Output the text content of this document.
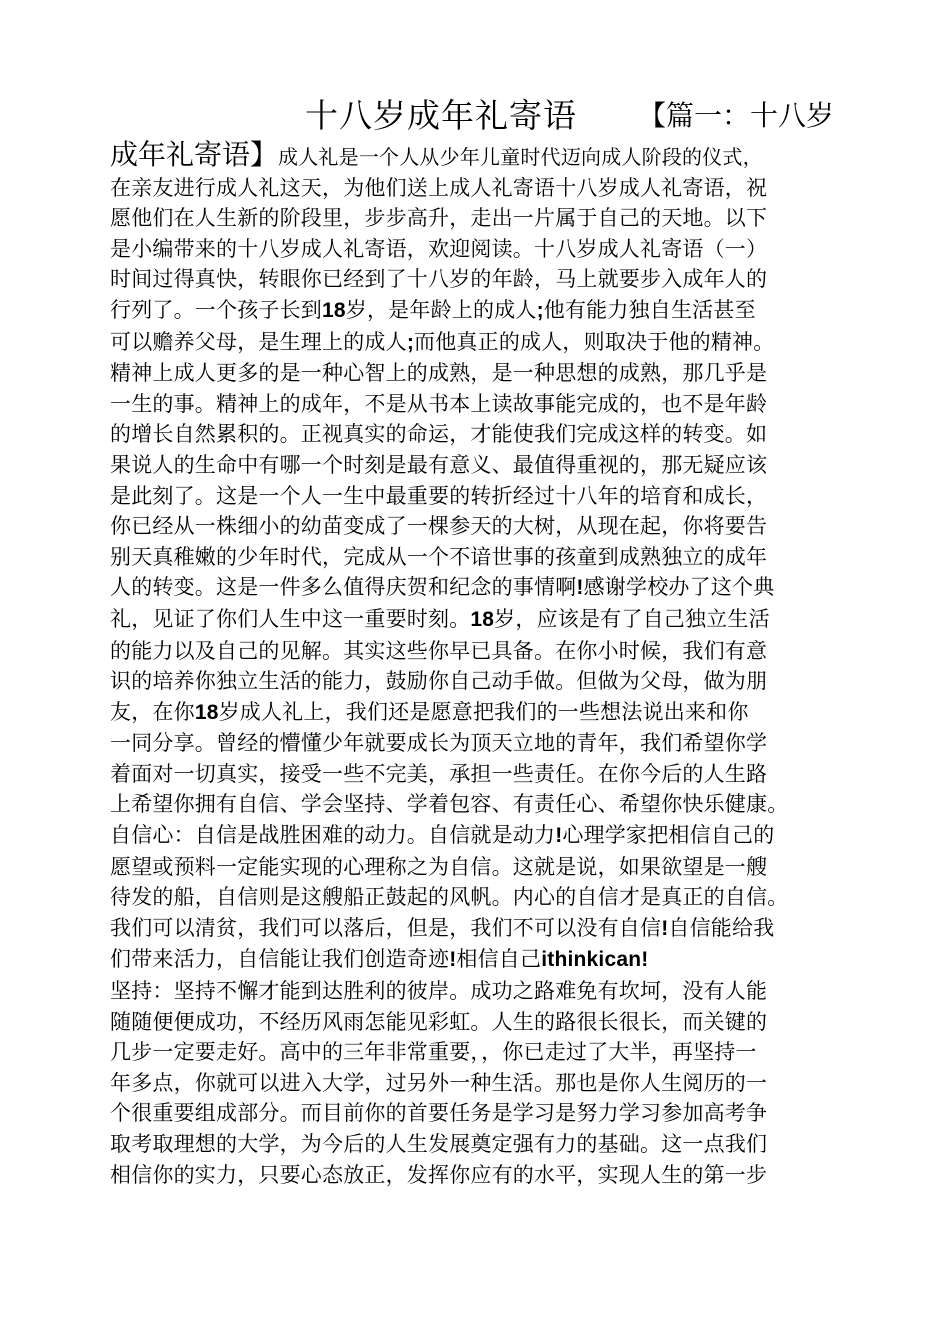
十八岁成年礼寄语 【篇一：十八岁
成年礼寄语】成人礼是一个人从少年儿童时代迈向成人阶段的仪式，
在亲友进行成人礼这天，为他们送上成人礼寄语十八岁成人礼寄语，祝
愿他们在人生新的阶段里，步步高升，走出一片属于自己的天地。以下
是小编带来的十八岁成人礼寄语，欢迎阅读。十八岁成人礼寄语（一）
时间过得真快，转眼你已经到了十八岁的年龄，马上就要步入成年人的
行列了。一个孩子长到18岁，是年龄上的成人;他有能力独自生活甚至
可以赡养父母，是生理上的成人;而他真正的成人，则取决于他的精神。
精神上成人更多的是一种心智上的成熟，是一种思想的成熟，那几乎是
一生的事。精神上的成年，不是从书本上读故事能完成的，也不是年龄
的增长自然累积的。正视真实的命运，才能使我们完成这样的转变。如
果说人的生命中有哪一个时刻是最有意义、最值得重视的，那无疑应该
是此刻了。这是一个人一生中最重要的转折经过十八年的培育和成长，
你已经从一株细小的幼苗变成了一棵参天的大树，从现在起，你将要告
别天真稚嫩的少年时代，完成从一个不谙世事的孩童到成熟独立的成年
人的转变。这是一件多么值得庆贺和纪念的事情啊!感谢学校办了这个典
礼，见证了你们人生中这一重要时刻。18岁，应该是有了自己独立生活
的能力以及自己的见解。其实这些你早已具备。在你小时候，我们有意
识的培养你独立生活的能力，鼓励你自己动手做。但做为父母，做为朋
友，在你18岁成人礼上，我们还是愿意把我们的一些想法说出来和你
一同分享。曾经的懵懂少年就要成长为顶天立地的青年，我们希望你学
着面对一切真实，接受一些不完美，承担一些责任。在你今后的人生路
上希望你拥有自信、学会坚持、学着包容、有责任心、希望你快乐健康。
自信心：自信是战胜困难的动力。自信就是动力!心理学家把相信自己的
愿望或预料一定能实现的心理称之为自信。这就是说，如果欲望是一艘
待发的船，自信则是这艘船正鼓起的风帆。内心的自信才是真正的自信。
我们可以清贫，我们可以落后，但是，我们不可以没有自信!自信能给我
们带来活力，自信能让我们创造奇迹!相信自己ithinkican!
坚持：坚持不懈才能到达胜利的彼岸。成功之路难免有坎坷，没有人能
随随便便成功，不经历风雨怎能见彩虹。人生的路很长很长，而关键的
几步一定要走好。高中的三年非常重要，，你已走过了大半，再坚持一
年多点，你就可以进入大学，过另外一种生活。那也是你人生阅历的一
个很重要组成部分。而目前你的首要任务是学习是努力学习参加高考争
取考取理想的大学，为今后的人生发展奠定强有力的基础。这一点我们
相信你的实力，只要心态放正，发挥你应有的水平，实现人生的第一步
